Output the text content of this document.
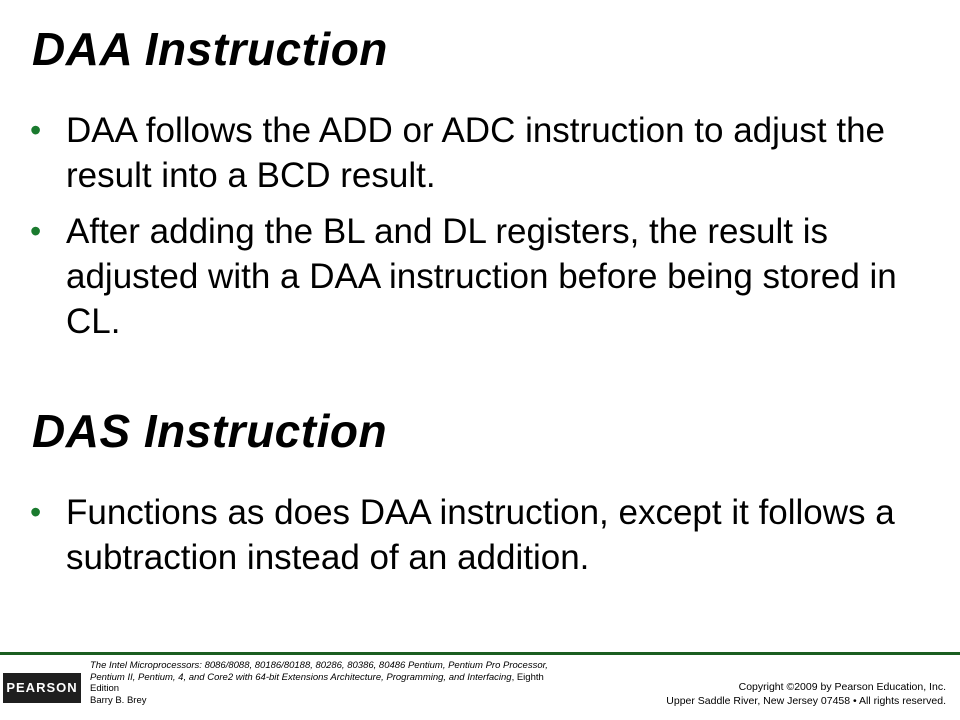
DAA Instruction
• DAA follows the ADD or ADC instruction to adjust the result into a BCD result.
• After adding the BL and DL registers, the result is adjusted with a DAA instruction before being stored in CL.
DAS Instruction
• Functions as does DAA instruction, except it follows a subtraction instead of an addition.
PEARSON
The Intel Microprocessors: 8086/8088, 80186/80188, 80286, 80386, 80486 Pentium, Pentium Pro Processor, Pentium II, Pentium, 4, and Core2 with 64-bit Extensions Architecture, Programming, and Interfacing, Eighth Edition
Barry B. Brey
Copyright ©2009 by Pearson Education, Inc.
Upper Saddle River, New Jersey 07458 • All rights reserved.
